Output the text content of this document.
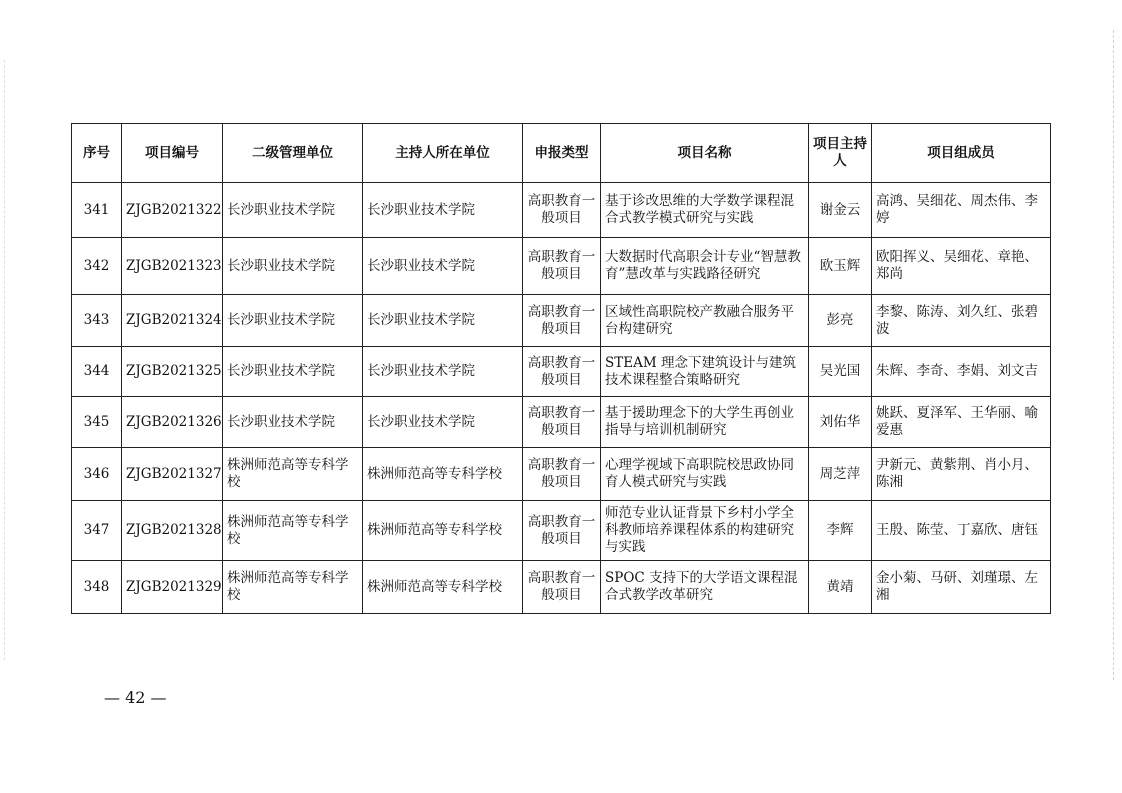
序号	项目编号	二级管理单位	主持人所在单位	申报类型	项目名称	项目主持人	项目组成员
341	ZJGB2021322	长沙职业技术学院	长沙职业技术学院	高职教育一般项目	基于诊改思维的大学数学课程混合式教学模式研究与实践	谢金云	高鸿、吴细花、周杰伟、李婷
342	ZJGB2021323	长沙职业技术学院	长沙职业技术学院	高职教育一般项目	大数据时代高职会计专业“智慧教育”慧改革与实践路径研究	欧玉辉	欧阳挥义、吴细花、章艳、郑尚
343	ZJGB2021324	长沙职业技术学院	长沙职业技术学院	高职教育一般项目	区域性高职院校产教融合服务平台构建研究	彭亮	李黎、陈涛、刘久红、张碧波
344	ZJGB2021325	长沙职业技术学院	长沙职业技术学院	高职教育一般项目	STEAM 理念下建筑设计与建筑技术课程整合策略研究	吴光国	朱辉、李奇、李娟、刘文吉
345	ZJGB2021326	长沙职业技术学院	长沙职业技术学院	高职教育一般项目	基于援助理念下的大学生再创业指导与培训机制研究	刘佑华	姚跃、夏泽军、王华丽、喻爱惠
346	ZJGB2021327	株洲师范高等专科学校	株洲师范高等专科学校	高职教育一般项目	心理学视域下高职院校思政协同育人模式研究与实践	周芝萍	尹新元、黄紫荆、肖小月、陈湘
347	ZJGB2021328	株洲师范高等专科学校	株洲师范高等专科学校	高职教育一般项目	师范专业认证背景下乡村小学全科教师培养课程体系的构建研究与实践	李辉	王殷、陈莹、丁嘉欣、唐钰
348	ZJGB2021329	株洲师范高等专科学校	株洲师范高等专科学校	高职教育一般项目	SPOC 支持下的大学语文课程混合式教学改革研究	黄靖	金小菊、马研、刘瑾璟、左湘
— 42 —
